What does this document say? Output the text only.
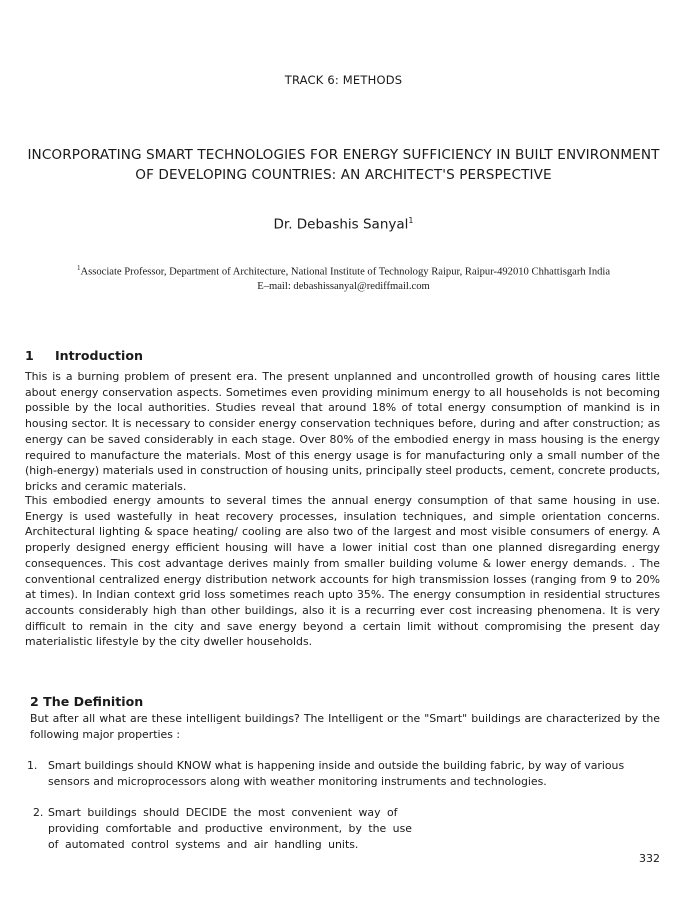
TRACK 6: METHODS
INCORPORATING SMART TECHNOLOGIES FOR ENERGY SUFFICIENCY IN BUILT ENVIRONMENT OF DEVELOPING COUNTRIES: AN ARCHITECT'S PERSPECTIVE
Dr. Debashis Sanyal$^1$
$^1$Associate Professor, Department of Architecture, National Institute of Technology Raipur, Raipur-492010 Chhattisgarh India
E–mail: debashissanyal@rediffmail.com
1 Introduction
This is a burning problem of present era. The present unplanned and uncontrolled growth of housing cares little about energy conservation aspects. Sometimes even providing minimum energy to all households is not becoming possible by the local authorities. Studies reveal that around 18% of total energy consumption of mankind is in housing sector. It is necessary to consider energy conservation techniques before, during and after construction; as energy can be saved considerably in each stage. Over 80% of the embodied energy in mass housing is the energy required to manufacture the materials. Most of this energy usage is for manufacturing only a small number of the (high-energy) materials used in construction of housing units, principally steel products, cement, concrete products, bricks and ceramic materials.
This embodied energy amounts to several times the annual energy consumption of that same housing in use. Energy is used wastefully in heat recovery processes, insulation techniques, and simple orientation concerns. Architectural lighting & space heating/ cooling are also two of the largest and most visible consumers of energy. A properly designed energy efficient housing will have a lower initial cost than one planned disregarding energy consequences. This cost advantage derives mainly from smaller building volume & lower energy demands. . The conventional centralized energy distribution network accounts for high transmission losses (ranging from 9 to 20% at times). In Indian context grid loss sometimes reach upto 35%. The energy consumption in residential structures accounts considerably high than other buildings, also it is a recurring ever cost increasing phenomena. It is very difficult to remain in the city and save energy beyond a certain limit without compromising the present day materialistic lifestyle by the city dweller households.
2 The Definition
But after all what are these intelligent buildings? The Intelligent or the "Smart" buildings are characterized by the following major properties :
1. Smart buildings should KNOW what is happening inside and outside the building fabric, by way of various sensors and microprocessors along with weather monitoring instruments and technologies.
2. Smart buildings should DECIDE the most convenient way of providing comfortable and productive environment, by the use of automated control systems and air handling units.
332
